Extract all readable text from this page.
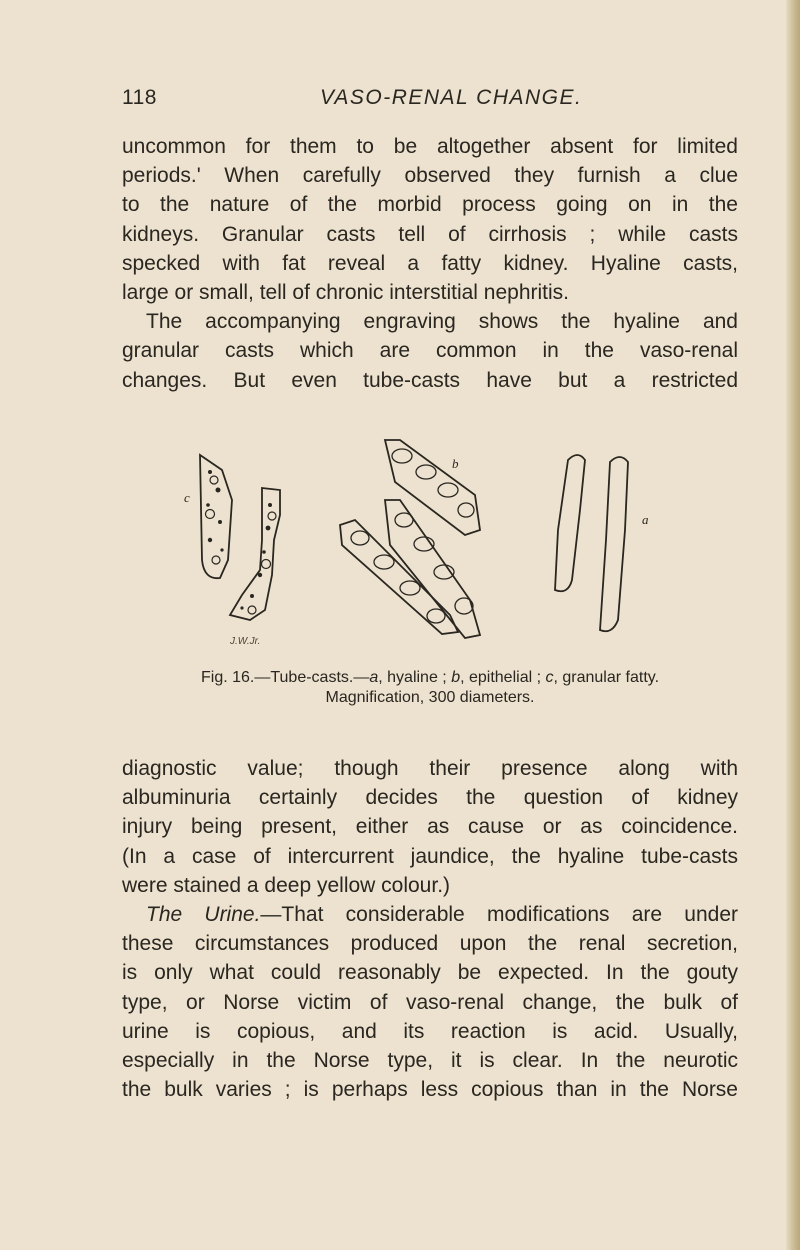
118	VASO-RENAL CHANGE.
uncommon for them to be altogether absent for limited
periods.' When carefully observed they furnish a clue
to the nature of the morbid process going on in the
kidneys. Granular casts tell of cirrhosis ; while casts
specked with fat reveal a fatty kidney. Hyaline casts,
large or small, tell of chronic interstitial nephritis.
The accompanying engraving shows the hyaline and
granular casts which are common in the vaso-renal
changes. But even tube-casts have but a restricted
b
a
c
J.W.Jr.
Fig. 16.—Tube-casts.—a, hyaline ; b, epithelial ; c, granular fatty.
Magnification, 300 diameters.
diagnostic value; though their presence along with
albuminuria certainly decides the question of kidney
injury being present, either as cause or as coincidence.
(In a case of intercurrent jaundice, the hyaline tube-casts
were stained a deep yellow colour.)
The Urine.—That considerable modifications are under
these circumstances produced upon the renal secretion,
is only what could reasonably be expected. In the gouty
type, or Norse victim of vaso-renal change, the bulk of
urine is copious, and its reaction is acid. Usually,
especially in the Norse type, it is clear. In the neurotic
the bulk varies ; is perhaps less copious than in the Norse
